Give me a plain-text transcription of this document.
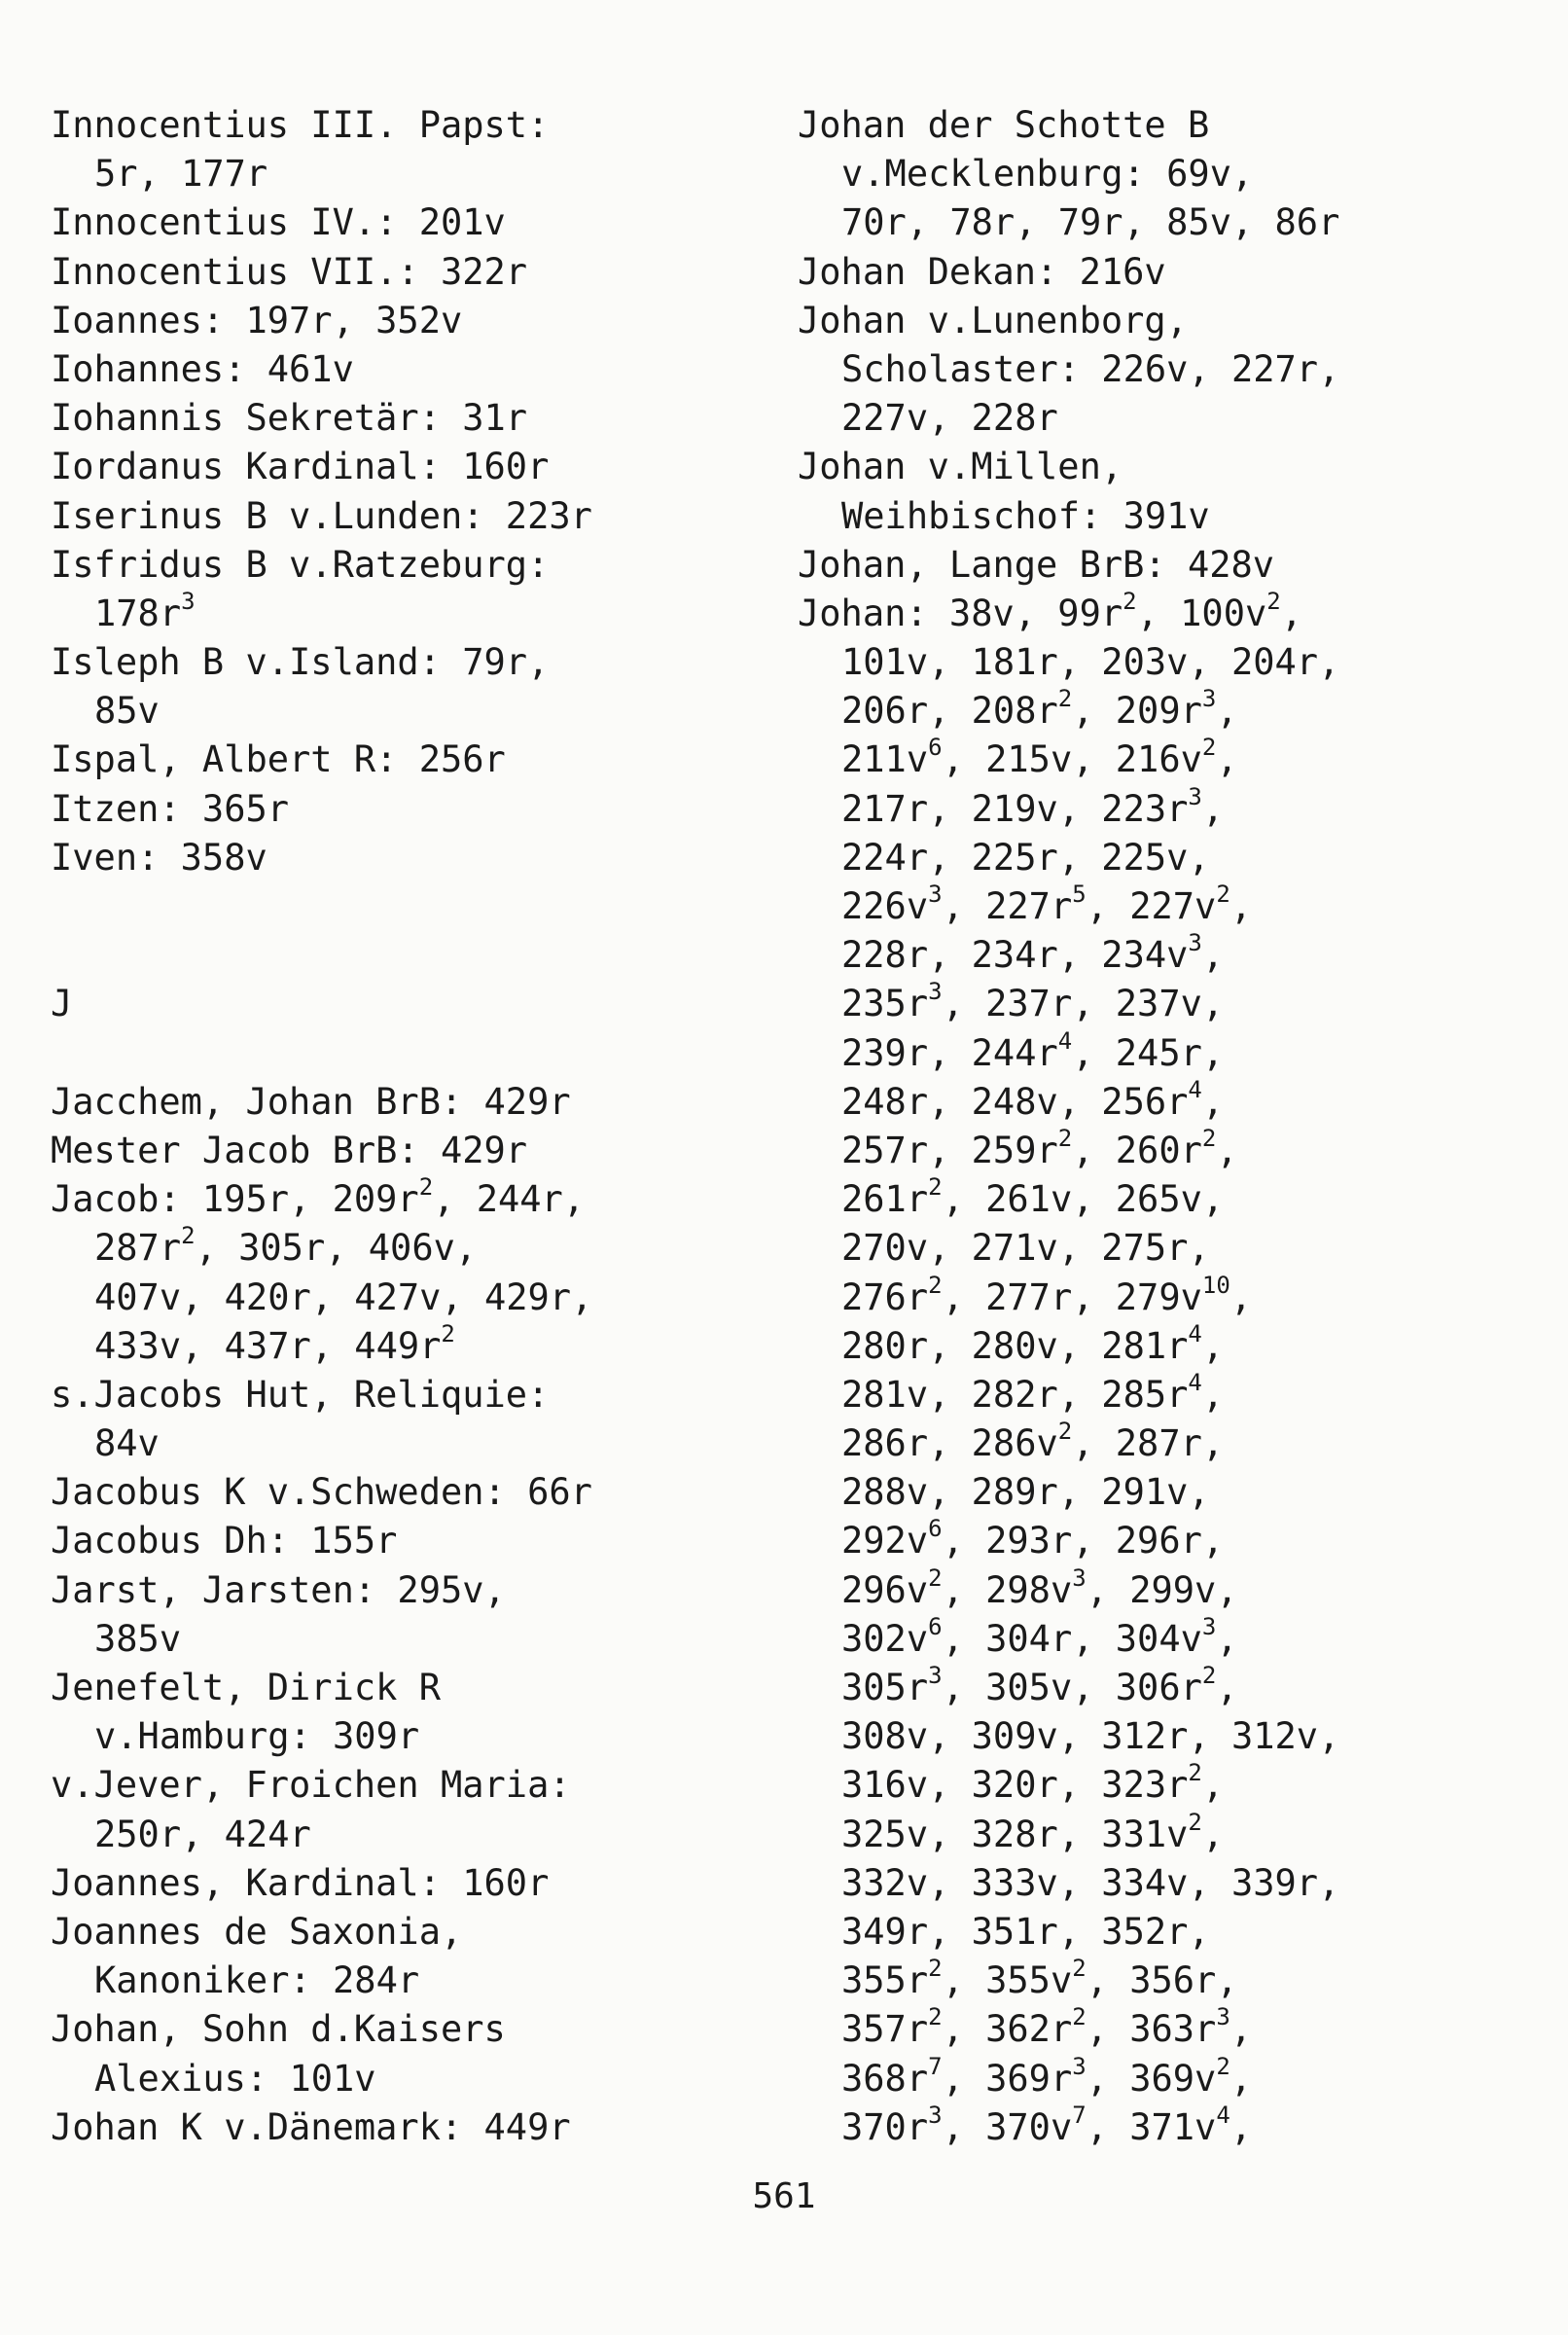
Innocentius III. Papst:
5r, 177r
Innocentius IV.: 201v
Innocentius VII.: 322r
Ioannes: 197r, 352v
Iohannes: 461v
Iohannis Sekretär: 31r
Iordanus Kardinal: 160r
Iserinus B v.Lunden: 223r
Isfridus B v.Ratzeburg:
$178r^3$
Isleph B v.Island: 79r,
85v
Ispal, Albert R: 256r
Itzen: 365r
Iven: 358v
J
Jacchem, Johan BrB: 429r
Mester Jacob BrB: 429r
Jacob: 195r, $209r^2$, 244r,
$287r^2$, 305r, 406v,
407v, 420r, 427v, 429r,
433v, 437r, $449r^2$
s.Jacobs Hut, Reliquie:
84v
Jacobus K v.Schweden: 66r
Jacobus Dh: 155r
Jarst, Jarsten: 295v,
385v
Jenefelt, Dirick R
v.Hamburg: 309r
v.Jever, Froichen Maria:
250r, 424r
Joannes, Kardinal: 160r
Joannes de Saxonia,
Kanoniker: 284r
Johan, Sohn d.Kaisers
Alexius: 101v
Johan K v.Dänemark: 449r
Johan der Schotte B
v.Mecklenburg: 69v,
70r, 78r, 79r, 85v, 86r
Johan Dekan: 216v
Johan v.Lunenborg,
Scholaster: 226v, 227r,
227v, 228r
Johan v.Millen,
Weihbischof: 391v
Johan, Lange BrB: 428v
Johan: 38v, $99r^2$, $100v^2$,
101v, 181r, 203v, 204r,
206r, $208r^2$, $209r^3$,
$211v^6$, 215v, $216v^2$,
217r, 219v, $223r^3$,
224r, 225r, 225v,
$226v^3$, $227r^5$, $227v^2$,
228r, 234r, $234v^3$,
$235r^3$, 237r, 237v,
239r, $244r^4$, 245r,
248r, 248v, $256r^4$,
257r, $259r^2$, $260r^2$,
$261r^2$, 261v, 265v,
270v, 271v, 275r,
$276r^2$, 277r, $279v^{10}$,
280r, 280v, $281r^4$,
281v, 282r, $285r^4$,
286r, $286v^2$, 287r,
288v, 289r, 291v,
$292v^6$, 293r, 296r,
$296v^2$, $298v^3$, 299v,
$302v^6$, 304r, $304v^3$,
$305r^3$, 305v, $306r^2$,
308v, 309v, 312r, 312v,
316v, 320r, $323r^2$,
325v, 328r, $331v^2$,
332v, 333v, 334v, 339r,
349r, 351r, 352r,
$355r^2$, $355v^2$, 356r,
$357r^2$, $362r^2$, $363r^3$,
$368r^7$, $369r^3$, $369v^2$,
$370r^3$, $370v^7$, $371v^4$,
561
